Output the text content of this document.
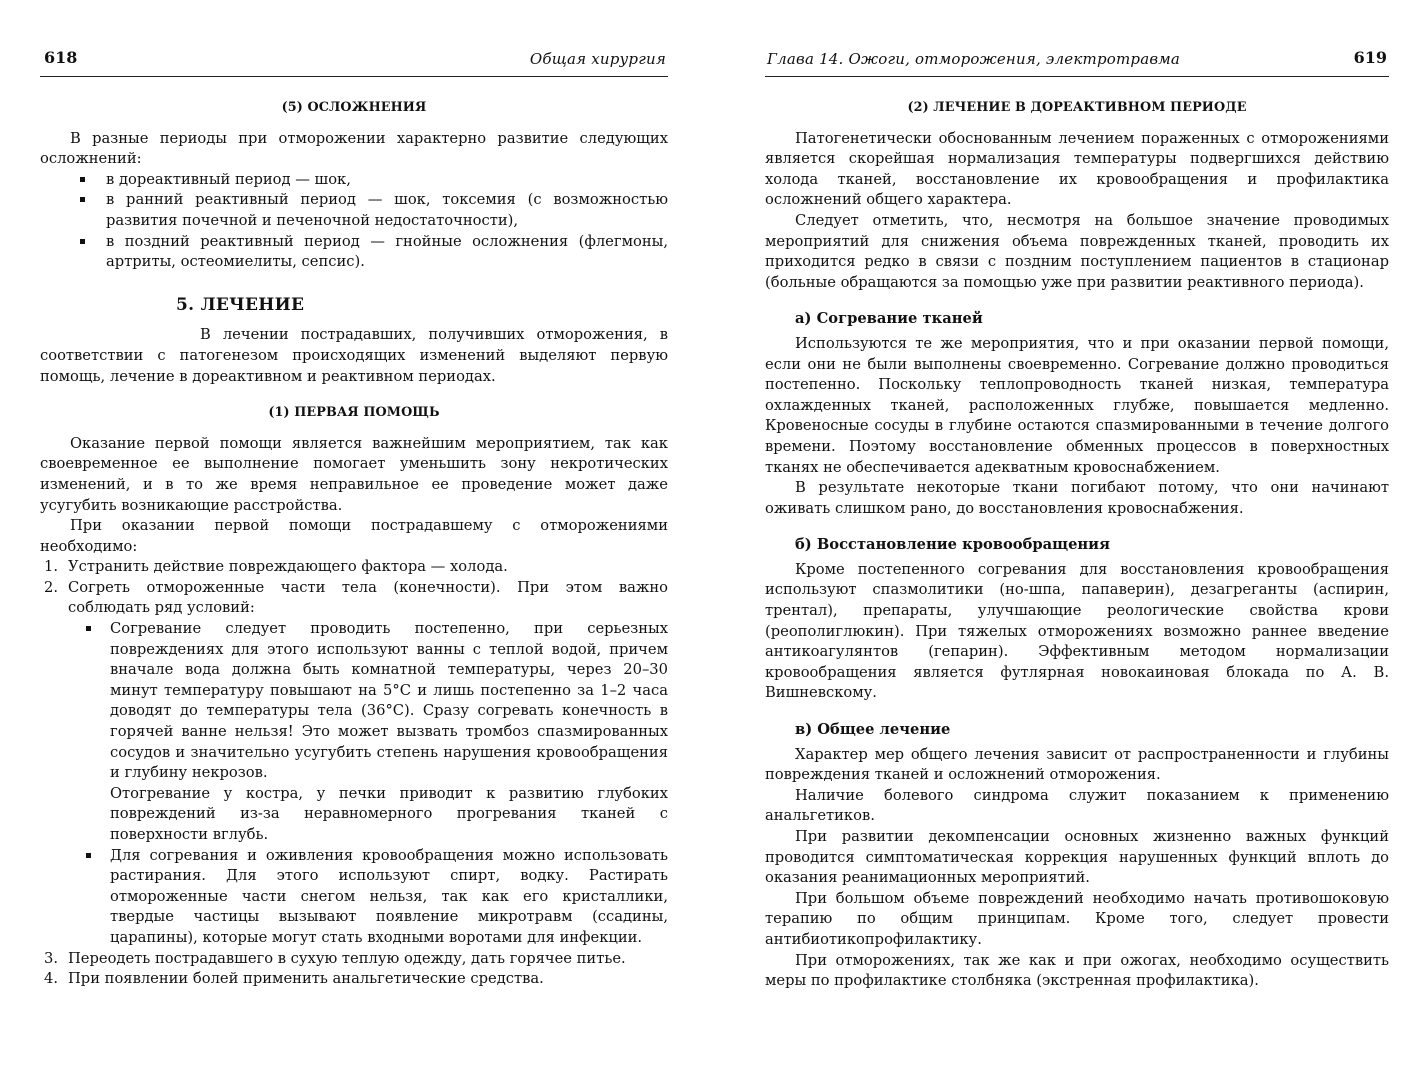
618	Общая хирургия
(5) ОСЛОЖНЕНИЯ

В разные периоды при отморожении характерно развитие следующих осложнений:

в дореактивный период — шок,
в ранний реактивный период — шок, токсемия (с возможностью развития почечной и печеночной недостаточности),
в поздний реактивный период — гнойные осложнения (флегмоны, артриты, остеомиелиты, сепсис).
5. ЛЕЧЕНИЕ

В лечении пострадавших, получивших отморожения, в соответствии с патогенезом происходящих изменений выделяют первую помощь, лечение в дореактивном и реактивном периодах.

(1) ПЕРВАЯ ПОМОЩЬ

Оказание первой помощи является важнейшим мероприятием, так как своевременное ее выполнение помогает уменьшить зону некротических изменений, и в то же время неправильное ее проведение может даже усугубить возникающие расстройства.

При оказании первой помощи пострадавшему с отморожениями необходимо:

1. Устранить действие повреждающего фактора — холода.
2. Согреть отмороженные части тела (конечности). При этом важно соблюдать ряд условий:
Согревание следует проводить постепенно, при серьезных повреждениях для этого используют ванны с теплой водой, причем вначале вода должна быть комнатной температуры, через 20–30 минут температуру повышают на 5°С и лишь постепенно за 1–2 часа доводят до температуры тела (36°С). Сразу согревать конечность в горячей ванне нельзя! Это может вызвать тромбоз спазмированных сосудов и значительно усугубить степень нарушения кровообращения и глубину некрозов.
Отогревание у костра, у печки приводит к развитию глубоких повреждений из-за неравномерного прогревания тканей с поверхности вглубь.
Для согревания и оживления кровообращения можно использовать растирания. Для этого используют спирт, водку. Растирать отмороженные части снегом нельзя, так как его кристаллики, твердые частицы вызывают появление микротравм (ссадины, царапины), которые могут стать входными воротами для инфекции.
3. Переодеть пострадавшего в сухую теплую одежду, дать горячее питье.
4. При появлении болей применить анальгетические средства.
Глава 14. Ожоги, отморожения, электротравма	619
(2) ЛЕЧЕНИЕ В ДОРЕАКТИВНОМ ПЕРИОДЕ

Патогенетически обоснованным лечением пораженных с отморожениями является скорейшая нормализация температуры подвергшихся действию холода тканей, восстановление их кровообращения и профилактика осложнений общего характера.

Следует отметить, что, несмотря на большое значение проводимых мероприятий для снижения объема поврежденных тканей, проводить их приходится редко в связи с поздним поступлением пациентов в стационар (больные обращаются за помощью уже при развитии реактивного периода).

а) Согревание тканей

Используются те же мероприятия, что и при оказании первой помощи, если они не были выполнены своевременно. Согревание должно проводиться постепенно. Поскольку теплопроводность тканей низкая, температура охлажденных тканей, расположенных глубже, повышается медленно. Кровеносные сосуды в глубине остаются спазмированными в течение долгого времени. Поэтому восстановление обменных процессов в поверхностных тканях не обеспечивается адекватным кровоснабжением.

В результате некоторые ткани погибают потому, что они начинают оживать слишком рано, до восстановления кровоснабжения.

б) Восстановление кровообращения

Кроме постепенного согревания для восстановления кровообращения используют спазмолитики (но-шпа, папаверин), дезагреганты (аспирин, трентал), препараты, улучшающие реологические свойства крови (реополиглюкин). При тяжелых отморожениях возможно раннее введение антикоагулянтов (гепарин). Эффективным методом нормализации кровообращения является футлярная новокаиновая блокада по А. В. Вишневскому.

в) Общее лечение

Характер мер общего лечения зависит от распространенности и глубины повреждения тканей и осложнений отморожения.

Наличие болевого синдрома служит показанием к применению анальгетиков.

При развитии декомпенсации основных жизненно важных функций проводится симптоматическая коррекция нарушенных функций вплоть до оказания реанимационных мероприятий.

При большом объеме повреждений необходимо начать противошоковую терапию по общим принципам. Кроме того, следует провести антибиотикопрофилактику.

При отморожениях, так же как и при ожогах, необходимо осуществить меры по профилактике столбняка (экстренная профилактика).
